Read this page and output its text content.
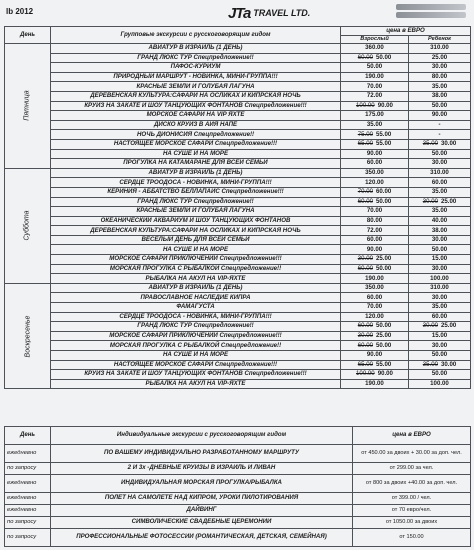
lb 2012	JTa TRAVEL LTD.
День	Групповые экскурсии с русскоговорящим гидом	цена в ЕВРО	
		Взрослый	Ребенок
Пятница	АВИАТУР В ИЗРАИЛЬ (1 ДЕНЬ)	360.00	310.00
	ГРАНД ЛЮКС ТУР Спецпредложение!!	60.00 50.00	25.00
	ПАФОС-КУРИУМ	50.00	30.00
	ПРИРОДНЫЙ МАРШРУТ - НОВИНКА, МИНИ-ГРУППА!!!	190.00	80.00
	КРАСНЫЕ ЗЕМЛИ И ГОЛУБАЯ ЛАГУНА	70.00	35.00
	ДЕРЕВЕНСКАЯ КУЛЬТУРА:САФАРИ НА ОСЛИКАХ И КИПРСКАЯ НОЧЬ	72.00	38.00
	КРУИЗ НА ЗАКАТЕ И ШОУ ТАНЦУЮЩИХ ФОНТАНОВ Спецпредложение!!!	100.00 90.00	50.00
	МОРСКОЕ САФАРИ НА VIP ЯХТЕ	175.00	90.00
	ДИСКО КРУИЗ В АЙЯ НАПЕ	35.00	-
	НОЧЬ ДИОНИСИЯ Спецпредложение!!	75.00 55.00	-
	НАСТОЯЩЕЕ МОРСКОЕ САФАРИ Спецпредложение!!!	65.00 55.00	35.00 30.00
	НА СУШЕ И НА МОРЕ	90.00	50.00
	ПРОГУЛКА НА КАТАМАРАНЕ ДЛЯ ВСЕЙ СЕМЬИ	60.00	30.00
Суббота	АВИАТУР В ИЗРАИЛЬ (1 ДЕНЬ)	350.00	310.00
	СЕРДЦЕ ТРООДОСА - НОВИНКА, МИНИ-ГРУППА!!!	120.00	60.00
	КЕРИНИЯ - АББАТСТВО БЕЛЛАПАИС Спецпредложение!!!	70.00 60.00	35.00
	ГРАНД ЛЮКС ТУР Спецпредложение!!	60.00 50.00	30.00 25.00
	КРАСНЫЕ ЗЕМЛИ И ГОЛУБАЯ ЛАГУНА	70.00	35.00
	ОКЕАНИЧЕСКИЙ АКВАРИУМ И ШОУ ТАНЦУЮЩИХ ФОНТАНОВ	80.00	40.00
	ДЕРЕВЕНСКАЯ КУЛЬТУРА:САФАРИ НА ОСЛИКАХ И КИПРСКАЯ НОЧЬ	72.00	38.00
	ВЕСЕЛЫЙ ДЕНЬ ДЛЯ ВСЕЙ СЕМЬИ	60.00	30.00
	НА СУШЕ И НА МОРЕ	90.00	50.00
	МОРСКОЕ САФАРИ ПРИКЛЮЧЕНИЙ Спецпредложение!!!	30.00 25.00	15.00
	МОРСКАЯ ПРОГУЛКА С РЫБАЛКОЙ Спецпредложение!!	60.00 50.00	30.00
	РЫБАЛКА НА АКУЛ НА VIP-ЯХТЕ	190.00	100.00
Воскресенье	АВИАТУР В ИЗРАИЛЬ (1 ДЕНЬ)	350.00	310.00
	ПРАВОСЛАВНОЕ НАСЛЕДИЕ КИПРА	60.00	30.00
	ФАМАГУСТА	70.00	35.00
	СЕРДЦЕ ТРООДОСА - НОВИНКА, МИНИ-ГРУППА!!!	120.00	60.00
	ГРАНД ЛЮКС ТУР Спецпредложение!!	60.00 50.00	30.00 25.00
	МОРСКОЕ САФАРИ ПРИКЛЮЧЕНИЙ Спецпредложение!!!	30.00 25.00	15.00
	МОРСКАЯ ПРОГУЛКА С РЫБАЛКОЙ Спецпредложение!!	60.00 50.00	30.00
	НА СУШЕ И НА МОРЕ	90.00	50.00
	НАСТОЯЩЕЕ МОРСКОЕ САФАРИ Спецпредложение!!!	65.00 55.00	35.00 30.00
	КРУИЗ НА ЗАКАТЕ И ШОУ ТАНЦУЮЩИХ ФОНТАНОВ Спецпредложение!!!	100.00 90.00	50.00
	РЫБАЛКА НА АКУЛ НА VIP-ЯХТЕ	190.00	100.00
День	Индивидуальные экскурсии с русскоговорящим гидом	цена в ЕВРО
ежедневно	ПО ВАШЕМУ ИНДИВИДУАЛЬНО РАЗРАБОТАННОМУ МАРШРУТУ	от 450.00 за двоих + 30.00 за доп. чел.
по запросу	2 И 3х -ДНЕВНЫЕ КРУИЗЫ В ИЗРАИЛЬ И ЛИВАН	от 299.00 за чел.
ежедневно	ИНДИВИДУАЛЬНАЯ МОРСКАЯ ПРОГУЛКА/РЫБАЛКА	от 800 за двоих +40.00 за доп. чел.
ежедневно	ПОЛЕТ НА САМОЛЕТЕ НАД КИПРОМ, УРОКИ ПИЛОТИРОВАНИЯ	от 399.00 / чел.
ежедневно	ДАЙВИНГ	от 70 евро/чел.
по запросу	СИМВОЛИЧЕСКИЕ СВАДЕБНЫЕ ЦЕРЕМОНИИ	от 1050.00 за двоих
по запросу	ПРОФЕССИОНАЛЬНЫЕ ФОТОСЕССИИ (РОМАНТИЧЕСКАЯ, ДЕТСКАЯ, СЕМЕЙНАЯ)	от 150.00
